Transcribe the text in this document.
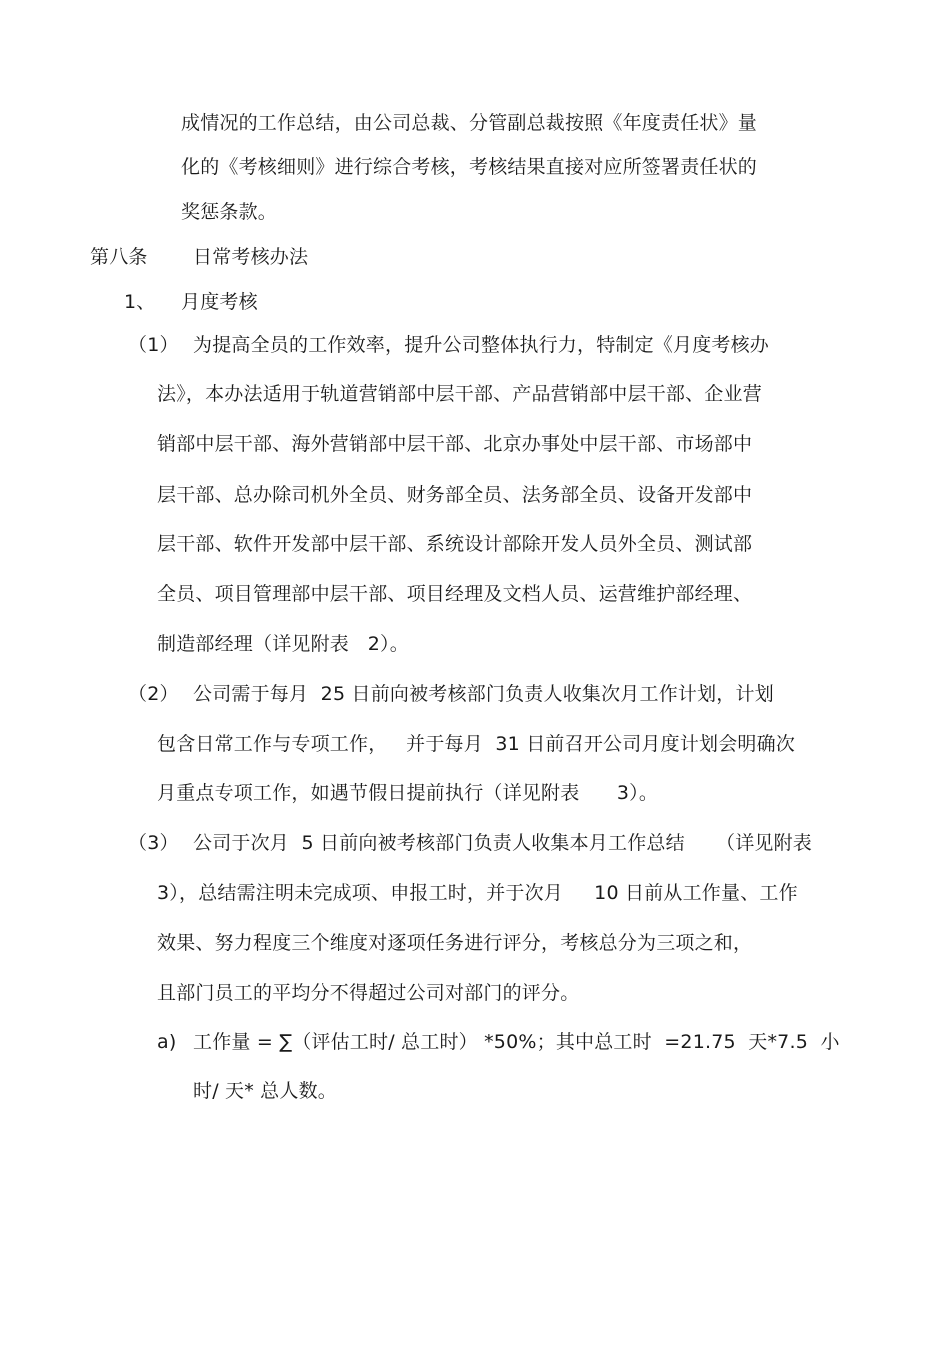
成情况的工作总结，由公司总裁、分管副总裁按照《年度责任状》量
化的《考核细则》进行综合考核，考核结果直接对应所签署责任状的
奖惩条款。
第八条 日常考核办法
1、 月度考核
（1） 为提高全员的工作效率，提升公司整体执行力，特制定《月度考核办
法》，本办法适用于轨道营销部中层干部、产品营销部中层干部、企业营
销部中层干部、海外营销部中层干部、北京办事处中层干部、市场部中
层干部、总办除司机外全员、财务部全员、法务部全员、设备开发部中
层干部、软件开发部中层干部、系统设计部除开发人员外全员、测试部
全员、项目管理部中层干部、项目经理及文档人员、运营维护部经理、
制造部经理（详见附表   2）。
（2） 公司需于每月  25 日前向被考核部门负责人收集次月工作计划，计划
包含日常工作与专项工作，   并于每月  31 日前召开公司月度计划会明确次
月重点专项工作，如遇节假日提前执行（详见附表      3）。
（3） 公司于次月  5 日前向被考核部门负责人收集本月工作总结     （详见附表
3），总结需注明未完成项、申报工时，并于次月     10 日前从工作量、工作
效果、努力程度三个维度对逐项任务进行评分，考核总分为三项之和，
且部门员工的平均分不得超过公司对部门的评分。
a) 工作量 = ∑（评估工时/ 总工时） *50%；其中总工时  =21.75  天*7.5  小
时/ 天* 总人数。
